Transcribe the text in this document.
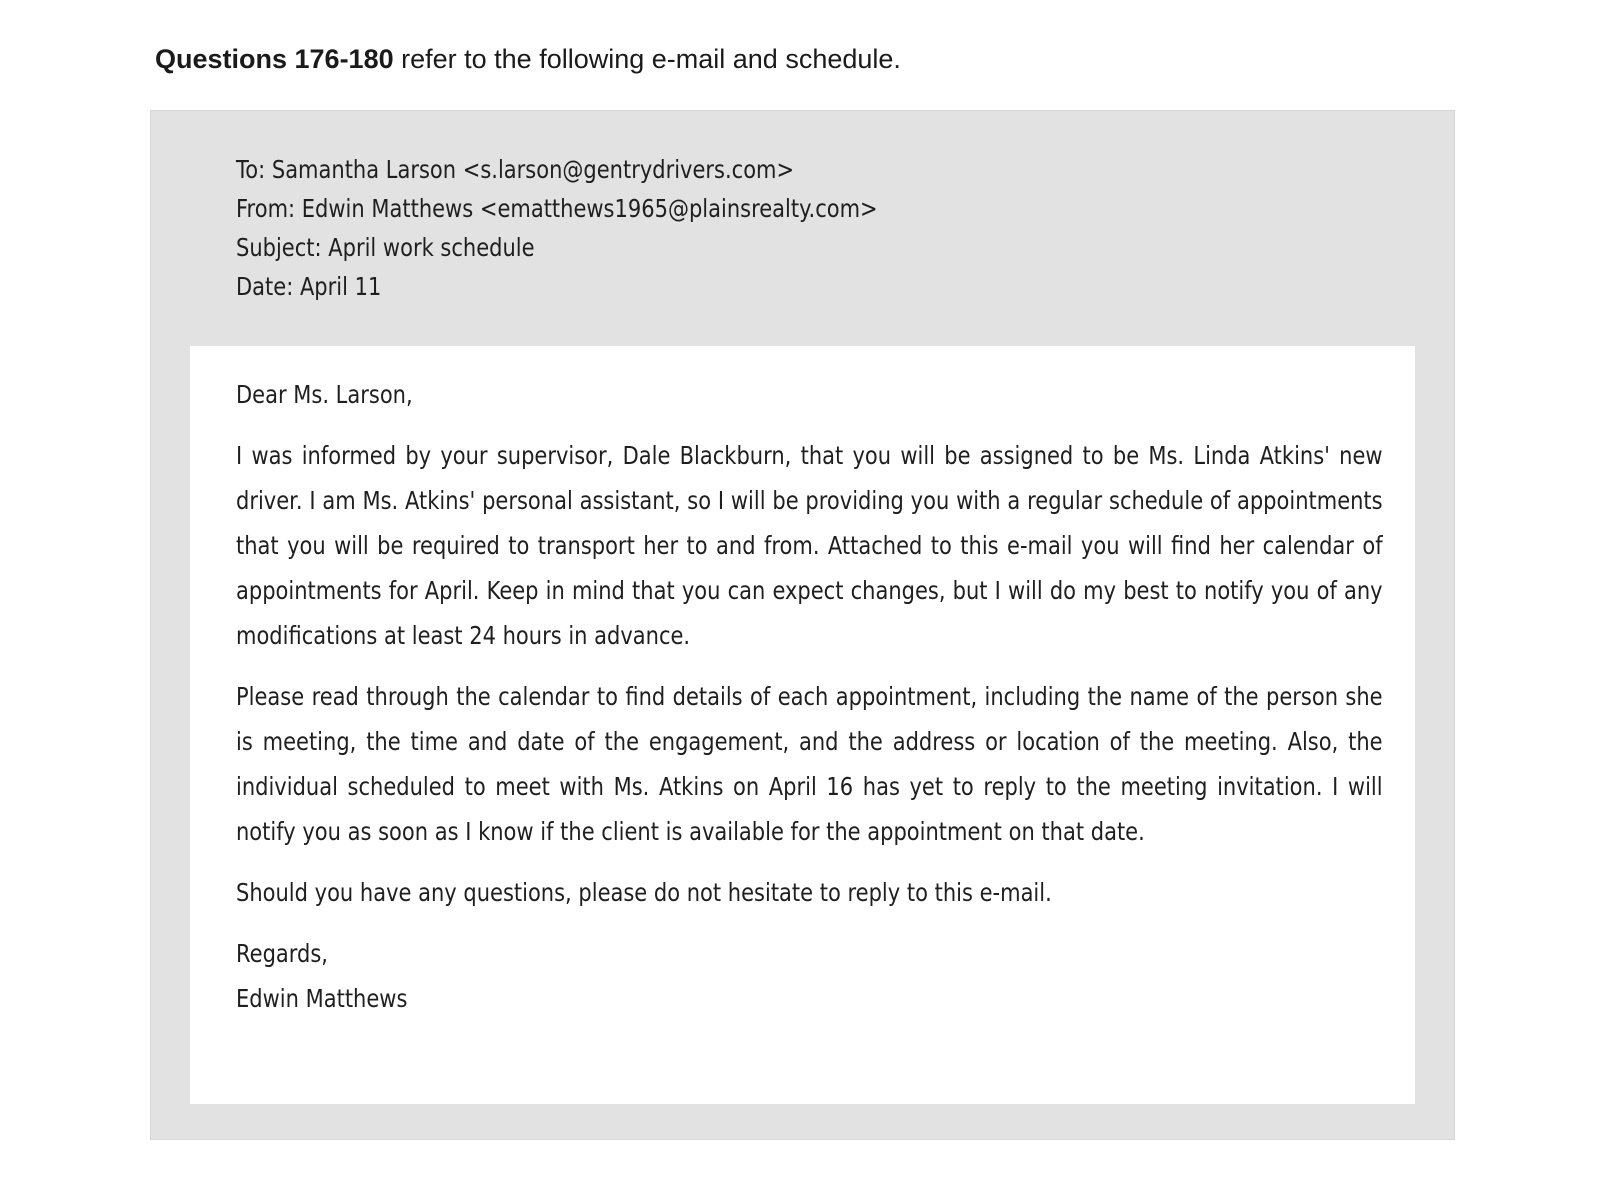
Questions 176-180 refer to the following e-mail and schedule.
To: Samantha Larson <s.larson@gentrydrivers.com>
From: Edwin Matthews <ematthews1965@plainsrealty.com>
Subject: April work schedule
Date: April 11

Dear Ms. Larson,

I was informed by your supervisor, Dale Blackburn, that you will be assigned to be Ms. Linda Atkins' new driver. I am Ms. Atkins' personal assistant, so I will be providing you with a regular schedule of appointments that you will be required to transport her to and from. Attached to this e-mail you will find her calendar of appointments for April. Keep in mind that you can expect changes, but I will do my best to notify you of any modifications at least 24 hours in advance.

Please read through the calendar to find details of each appointment, including the name of the person she is meeting, the time and date of the engagement, and the address or location of the meeting. Also, the individual scheduled to meet with Ms. Atkins on April 16 has yet to reply to the meeting invitation. I will notify you as soon as I know if the client is available for the appointment on that date.

Should you have any questions, please do not hesitate to reply to this e-mail.

Regards,
Edwin Matthews
